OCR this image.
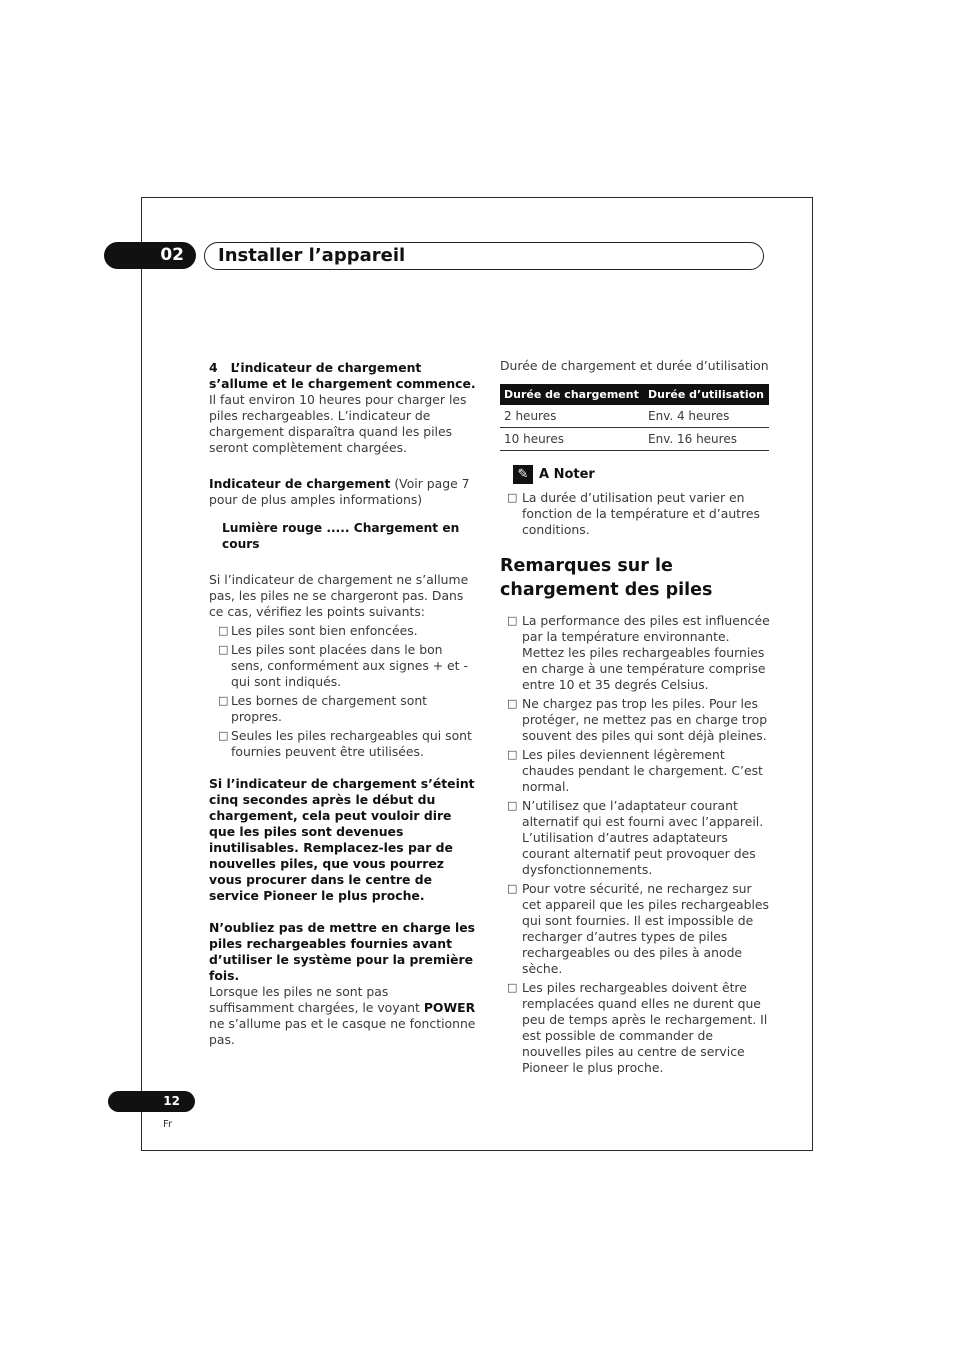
02	Installer l’appareil

4 L’indicateur de chargement s’allume et le chargement commence.

Il faut environ 10 heures pour charger les piles rechargeables. L’indicateur de chargement disparaîtra quand les piles seront complètement chargées.

Indicateur de chargement (Voir page 7 pour de plus amples informations)

Lumière rouge ..... Chargement en cours

Si l’indicateur de chargement ne s’allume pas, les piles ne se chargeront pas. Dans ce cas, vérifiez les points suivants:

□ Les piles sont bien enfoncées.
□ Les piles sont placées dans le bon sens, conformément aux signes + et - qui sont indiqués.
□ Les bornes de chargement sont propres.
□ Seules les piles rechargeables qui sont fournies peuvent être utilisées.

Si l’indicateur de chargement s’éteint cinq secondes après le début du chargement, cela peut vouloir dire que les piles sont devenues inutilisables. Remplacez-les par de nouvelles piles, que vous pourrez vous procurer dans le centre de service Pioneer le plus proche.

N’oubliez pas de mettre en charge les piles rechargeables fournies avant d’utiliser le système pour la première fois.

Lorsque les piles ne sont pas suffisamment chargées, le voyant POWER ne s’allume pas et le casque ne fonctionne pas.

Durée de chargement et durée d’utilisation

Durée de chargement	Durée d’utilisation
2 heures	Env. 4 heures
10 heures	Env. 16 heures
✎ A Noter
□ La durée d’utilisation peut varier en fonction de la température et d’autres conditions.
Remarques sur le chargement des piles
□ La performance des piles est influencée par la température environnante. Mettez les piles rechargeables fournies en charge à une température comprise entre 10 et 35 degrés Celsius.
□ Ne chargez pas trop les piles. Pour les protéger, ne mettez pas en charge trop souvent des piles qui sont déjà pleines.
□ Les piles deviennent légèrement chaudes pendant le chargement. C’est normal.
□ N’utilisez que l’adaptateur courant alternatif qui est fourni avec l’appareil. L’utilisation d’autres adaptateurs courant alternatif peut provoquer des dysfonctionnements.
□ Pour votre sécurité, ne rechargez sur cet appareil que les piles rechargeables qui sont fournies. Il est impossible de recharger d’autres types de piles rechargeables ou des piles à anode sèche.
□ Les piles rechargeables doivent être remplacées quand elles ne durent que peu de temps après le rechargement. Il est possible de commander de nouvelles piles au centre de service Pioneer le plus proche.
12
Fr
